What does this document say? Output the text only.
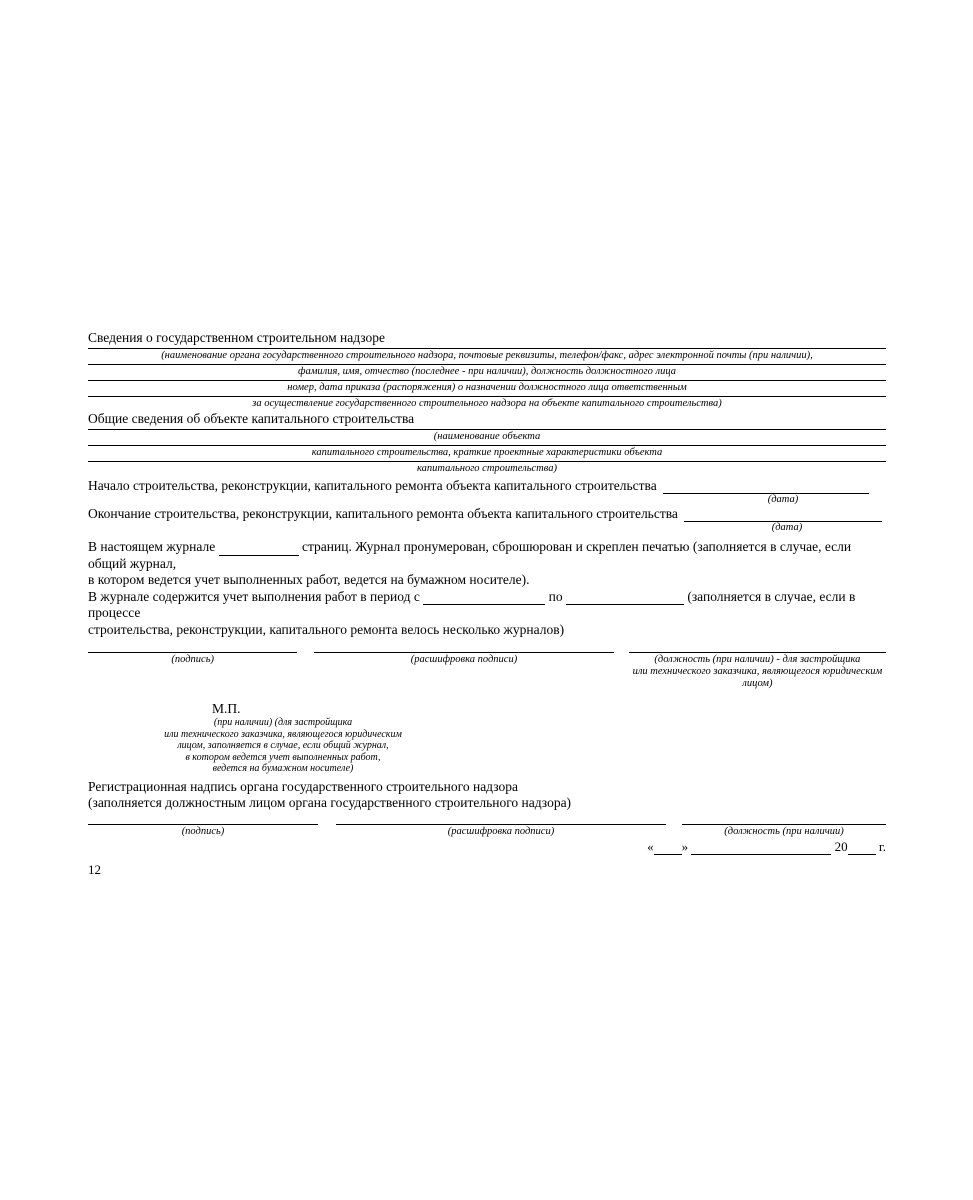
Сведения о государственном строительном надзоре
(наименование органа государственного строительного надзора, почтовые реквизиты, телефон/факс, адрес электронной почты (при наличии),
фамилия, имя, отчество (последнее - при наличии), должность должностного лица
номер, дата приказа (распоряжения) о назначении должностного лица ответственным
за осуществление государственного строительного надзора на объекте капитального строительства)
Общие сведения об объекте капитального строительства
(наименование объекта
капитального строительства, краткие проектные характеристики объекта
капитального строительства)
Начало строительства, реконструкции, капитального ремонта объекта капитального строительства
(дата)
Окончание строительства, реконструкции, капитального ремонта объекта капитального строительства
(дата)
В настоящем журнале	страниц. Журнал пронумерован, сброшюрован и скреплен печатью (заполняется в случае, если общий журнал,
в котором ведется учет выполненных работ, ведется на бумажном носителе).
В журнале содержится учет выполнения работ в период с	по	(заполняется в случае, если в процессе
строительства, реконструкции, капитального ремонта велось несколько журналов)
(подпись)	(расшифровка подписи)	(должность (при наличии) - для застройщика
или технического заказчика, являющегося юридическим лицом)
М.П.
(при наличии) (для застройщика
или технического заказчика, являющегося юридическим
лицом, заполняется в случае, если общий журнал,
в котором ведется учет выполненных работ,
ведется на бумажном носителе)
Регистрационная надпись органа государственного строительного надзора
(заполняется должностным лицом органа государственного строительного надзора)
(подпись)	(расшифровка подписи)	(должность (при наличии)
« »	20 г.
12
